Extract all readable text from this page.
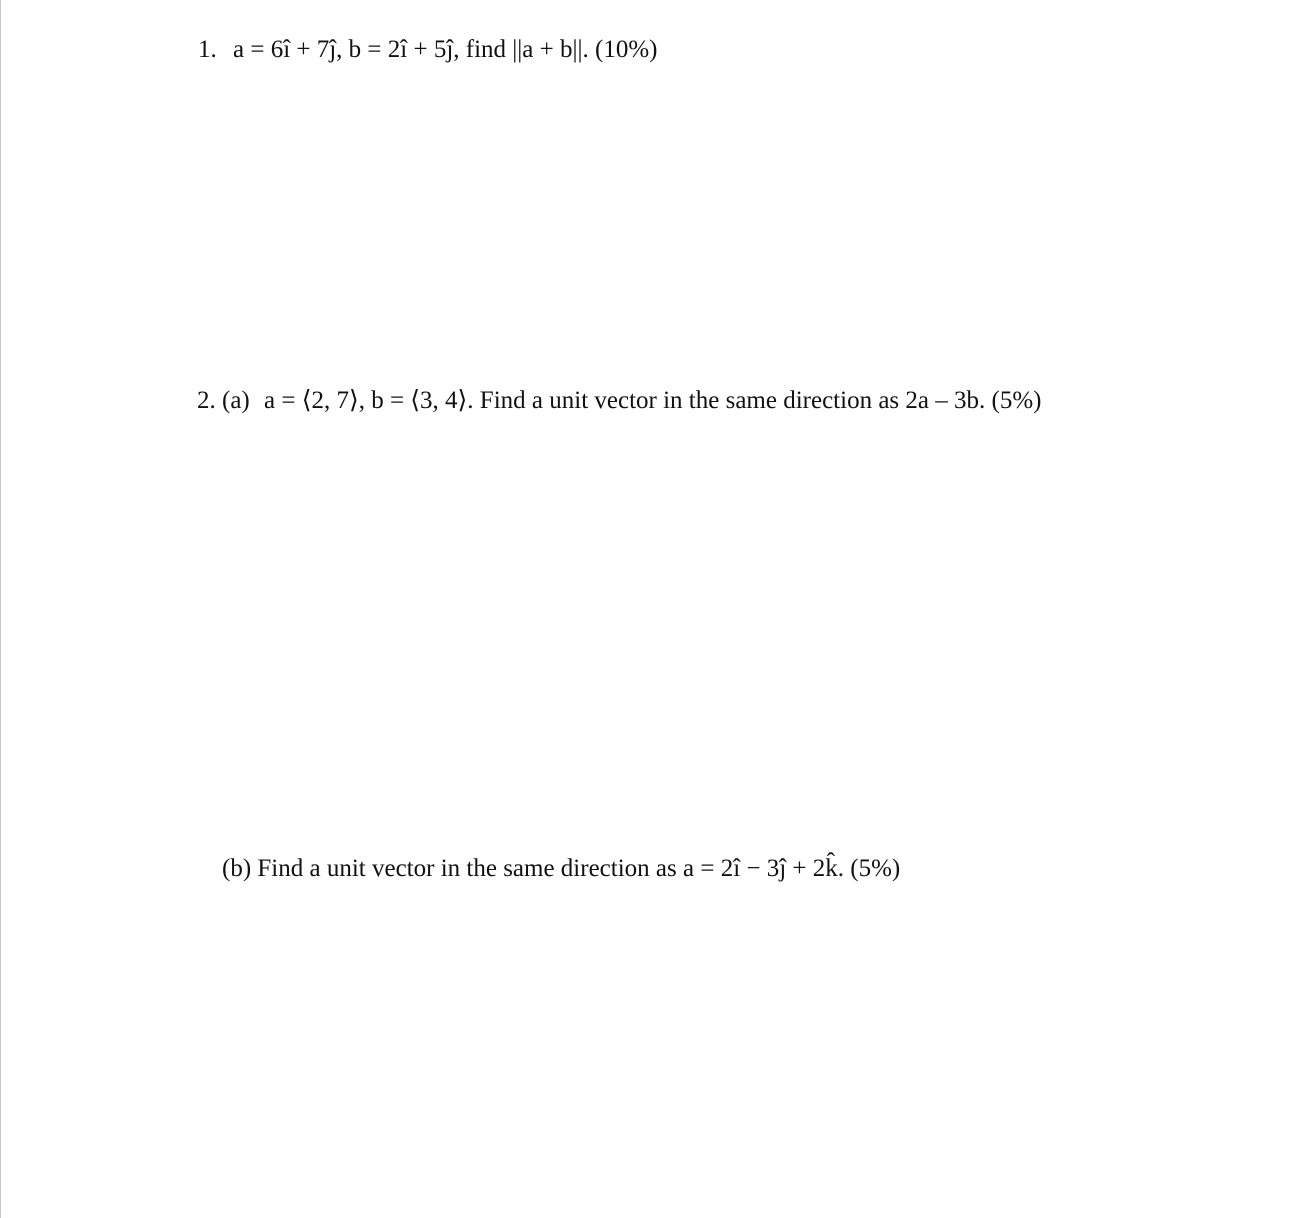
1. a = 6î + 7ĵ, b = 2î + 5ĵ, find ||a + b||. (10%)
2. (a) a = ⟨2, 7⟩, b = ⟨3, 4⟩. Find a unit vector in the same direction as 2a – 3b. (5%)
(b) Find a unit vector in the same direction as a = 2î − 3ĵ + 2k̂. (5%)
